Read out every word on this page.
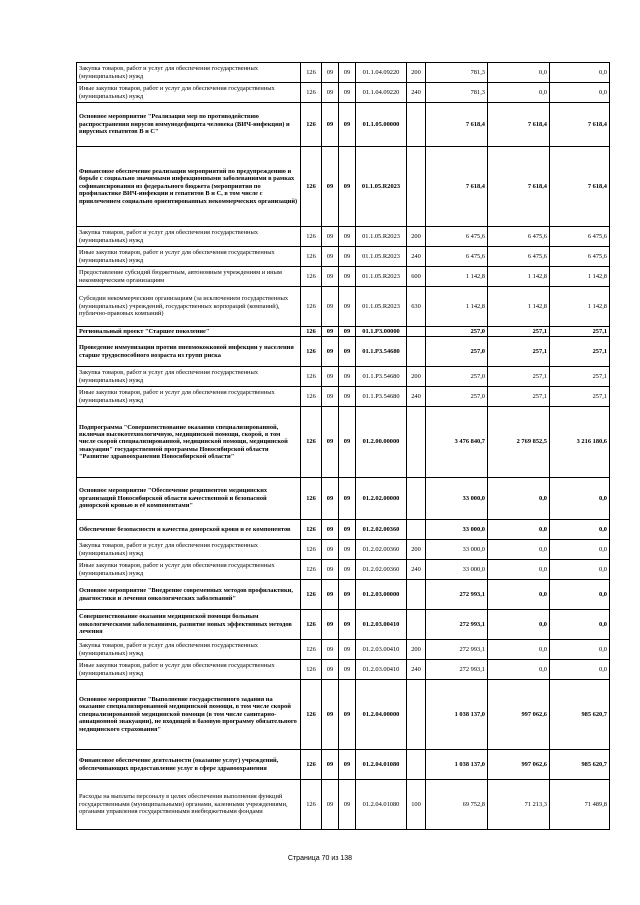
Закупка товаров, работ и услуг для обеспечения государственных (муниципальных) нужд	126	09	09	01.1.04.09220	200	781,3	0,0	0,0
Иные закупки товаров, работ и услуг для обеспечения государственных (муниципальных) нужд	126	09	09	01.1.04.09220	240	781,3	0,0	0,0
Основное мероприятие "Реализация мер по противодействию распространения вирусов иммунодефицита человека (ВИЧ-инфекция) и вирусных гепатитов В и С"	126	09	09	01.1.05.00000		7 618,4	7 618,4	7 618,4
Финансовое обеспечение реализации мероприятий по предупреждению и борьбе с социально значимыми инфекционными заболеваниями в рамках софинансирования из федерального бюджета (мероприятия по профилактике ВИЧ-инфекции и гепатитов В и С, в том числе с привлечением социально ориентированных некоммерческих организаций)	126	09	09	01.1.05.R2023		7 618,4	7 618,4	7 618,4
Закупка товаров, работ и услуг для обеспечения государственных (муниципальных) нужд	126	09	09	01.1.05.R2023	200	6 475,6	6 475,6	6 475,6
Иные закупки товаров, работ и услуг для обеспечения государственных (муниципальных) нужд	126	09	09	01.1.05.R2023	240	6 475,6	6 475,6	6 475,6
Предоставление субсидий бюджетным, автономным учреждениям и иным некоммерческим организациям	126	09	09	01.1.05.R2023	600	1 142,8	1 142,8	1 142,8
Субсидии некоммерческим организациям (за исключением государственных (муниципальных) учреждений, государственных корпораций (компаний), публично-правовых компаний)	126	09	09	01.1.05.R2023	630	1 142,8	1 142,8	1 142,8
Региональный проект "Старшее поколение"	126	09	09	01.1.P3.00000		257,0	257,1	257,1
Проведение иммунизации против пневмококковой инфекции у населения старше трудоспособного возраста из групп риска	126	09	09	01.1.P3.54680		257,0	257,1	257,1
Закупка товаров, работ и услуг для обеспечения государственных (муниципальных) нужд	126	09	09	01.1.P3.54680	200	257,0	257,1	257,1
Иные закупки товаров, работ и услуг для обеспечения государственных (муниципальных) нужд	126	09	09	01.1.P3.54680	240	257,0	257,1	257,1
Подпрограмма "Совершенствование оказания специализированной, включая высокотехнологичную, медицинской помощи, скорой, в том числе скорой специализированной, медицинской помощи, медицинской эвакуации" государственной программы Новосибирской области "Развитие здравоохранения Новосибирской области"	126	09	09	01.2.00.00000		3 476 840,7	2 769 852,5	3 216 180,6
Основное мероприятие "Обеспечение реципиентов медицинских организаций Новосибирской области качественной и безопасной донорской кровью и её компонентами"	126	09	09	01.2.02.00000		33 000,0	0,0	0,0
Обеспечение безопасности и качества донорской крови и ее компонентов	126	09	09	01.2.02.00360		33 000,0	0,0	0,0
Закупка товаров, работ и услуг для обеспечения государственных (муниципальных) нужд	126	09	09	01.2.02.00360	200	33 000,0	0,0	0,0
Иные закупки товаров, работ и услуг для обеспечения государственных (муниципальных) нужд	126	09	09	01.2.02.00360	240	33 000,0	0,0	0,0
Основное мероприятие "Внедрение современных методов профилактики, диагностики и лечения онкологических заболеваний"	126	09	09	01.2.03.00000		272 993,1	0,0	0,0
Совершенствование оказания медицинской помощи больным онкологическими заболеваниями, развитие новых эффективных методов лечения	126	09	09	01.2.03.00410		272 993,1	0,0	0,0
Закупка товаров, работ и услуг для обеспечения государственных (муниципальных) нужд	126	09	09	01.2.03.00410	200	272 993,1	0,0	0,0
Иные закупки товаров, работ и услуг для обеспечения государственных (муниципальных) нужд	126	09	09	01.2.03.00410	240	272 993,1	0,0	0,0
Основное мероприятие "Выполнение государственного задания на оказание специализированной медицинской помощи, в том числе скорой специализированной медицинской помощи (в том числе санитарно-авиационной эвакуации), не входящей в базовую программу обязательного медицинского страхования"	126	09	09	01.2.04.00000		1 038 137,0	997 062,6	985 620,7
Финансовое обеспечение деятельности (оказание услуг) учреждений, обеспечивающих предоставление услуг в сфере здравоохранения	126	09	09	01.2.04.01080		1 038 137,0	997 062,6	985 620,7
Расходы на выплаты персоналу в целях обеспечения выполнения функций государственными (муниципальными) органами, казенными учреждениями, органами управления государственными внебюджетными фондами	126	09	09	01.2.04.01080	100	69 752,8	71 213,3	71 489,8
Страница 70 из 138
